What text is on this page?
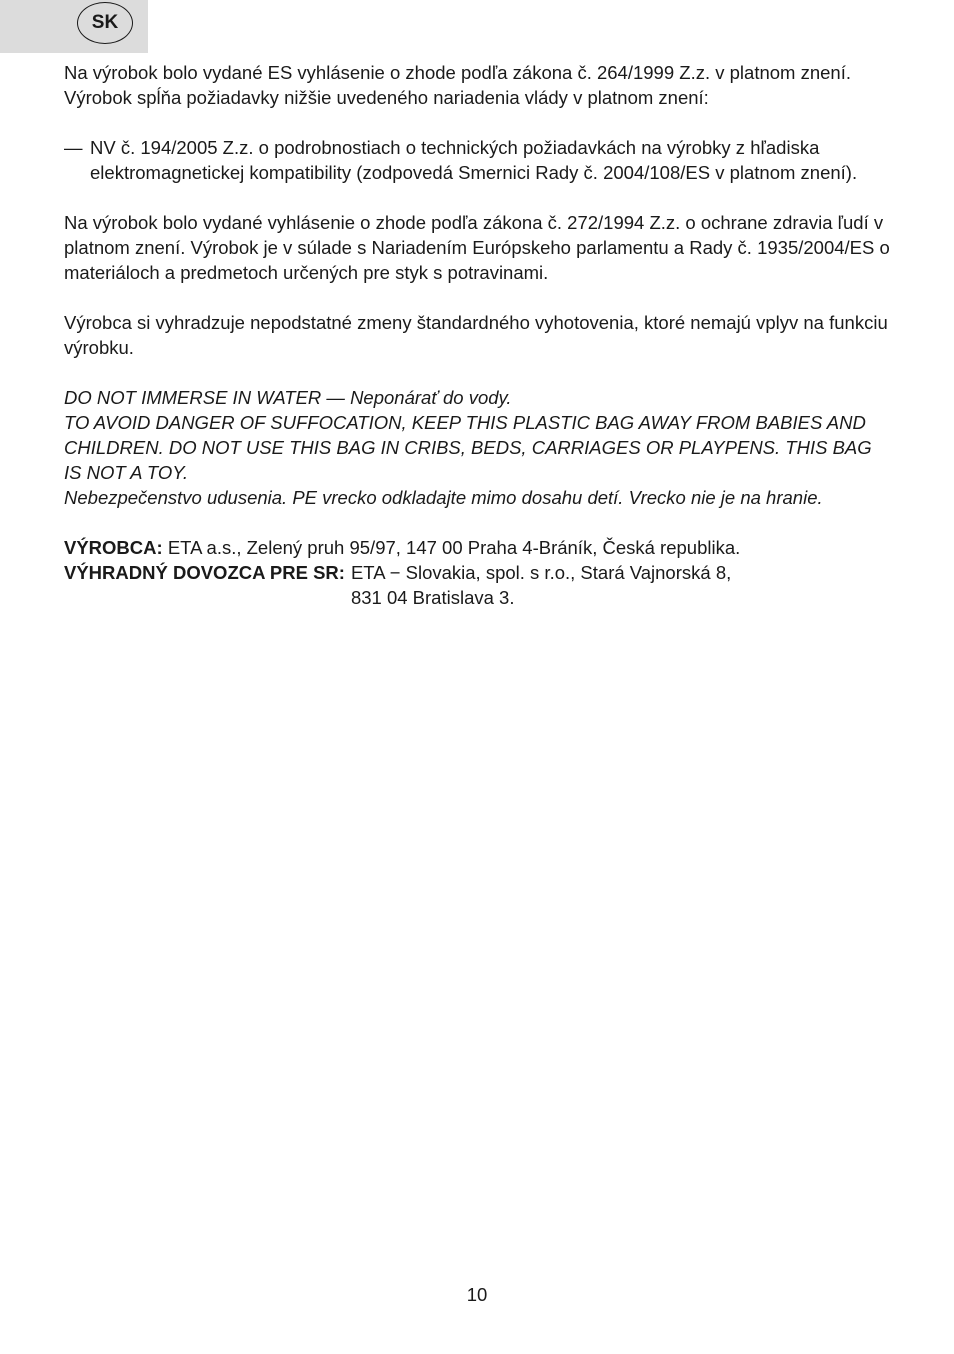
SK

Na výrobok bolo vydané ES vyhlásenie o zhode podľa zákona č. 264/1999 Z.z. v platnom znení. Výrobok spĺňa požiadavky nižšie uvedeného nariadenia vlády v platnom znení:

— NV č. 194/2005 Z.z. o podrobnostiach o technických požiadavkách na výrobky z hľadiska elektromagnetickej kompatibility (zodpovedá Smernici Rady č. 2004/108/ES v platnom znení).

Na výrobok bolo vydané vyhlásenie o zhode podľa zákona č. 272/1994 Z.z. o ochrane zdravia ľudí v platnom znení. Výrobok je v súlade s Nariadením Európskeho parlamentu a Rady č. 1935/2004/ES o materiáloch a predmetoch určených pre styk s potravinami.

Výrobca si vyhradzuje nepodstatné zmeny štandardného vyhotovenia, ktoré nemajú vplyv na funkciu výrobku.

DO NOT IMMERSE IN WATER — Neponárať do vody.

TO AVOID DANGER OF SUFFOCATION, KEEP THIS PLASTIC BAG AWAY FROM BABIES AND CHILDREN. DO NOT USE THIS BAG IN CRIBS, BEDS, CARRIAGES OR PLAYPENS. THIS BAG IS NOT A TOY.

Nebezpečenstvo udusenia. PE vrecko odkladajte mimo dosahu detí. Vrecko nie je na hranie.

VÝROBCA: ETA a.s., Zelený pruh 95/97, 147 00 Praha 4-Bráník, Česká republika.

VÝHRADNÝ DOVOZCA PRE SR: ETA − Slovakia, spol. s r.o., Stará Vajnorská 8,
831 04 Bratislava 3.
10
